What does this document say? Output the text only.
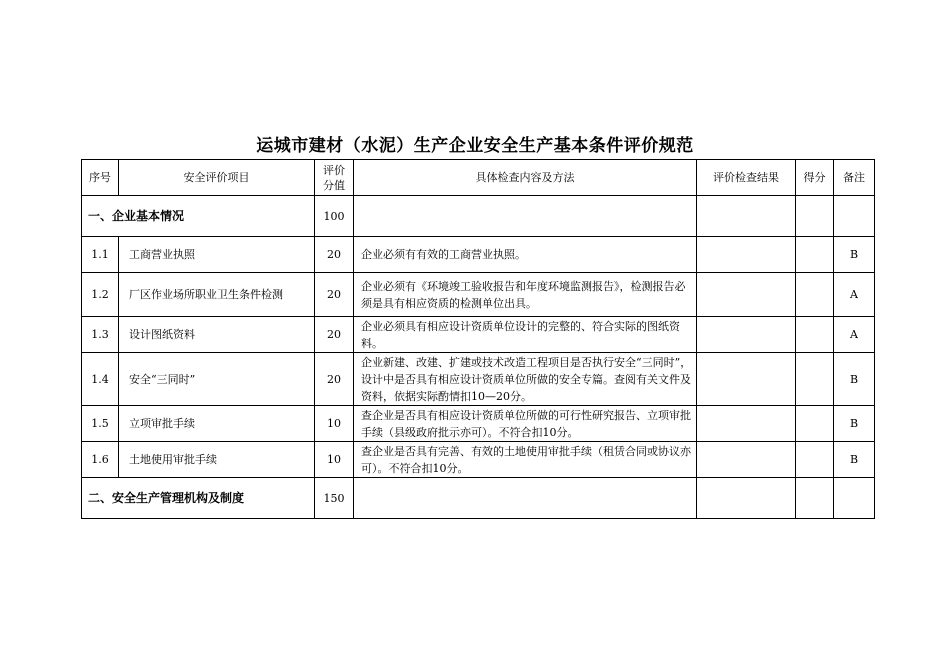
运城市建材（水泥）生产企业安全生产基本条件评价规范
序号	安全评价项目	评价
分值	具体检查内容及方法	评价检查结果	得分	备注
一、企业基本情况		100				
1.1	工商营业执照	20	企业必须有有效的工商营业执照。			B
1.2	厂区作业场所职业卫生条件检测	20	企业必须有《环境竣工验收报告和年度环境监测报告》，检测报告必须是具有相应资质的检测单位出具。			A
1.3	设计图纸资料	20	企业必须具有相应设计资质单位设计的完整的、符合实际的图纸资料。			A
1.4	安全“三同时”	20	企业新建、改建、扩建或技术改造工程项目是否执行安全“三同时”，设计中是否具有相应设计资质单位所做的安全专篇。查阅有关文件及资料，依据实际酌情扣10—20分。			B
1.5	立项审批手续	10	查企业是否具有相应设计资质单位所做的可行性研究报告、立项审批手续（县级政府批示亦可）。不符合扣10分。			B
1.6	土地使用审批手续	10	查企业是否具有完善、有效的土地使用审批手续（租赁合同或协议亦可）。不符合扣10分。			B
二、安全生产管理机构及制度		150				
